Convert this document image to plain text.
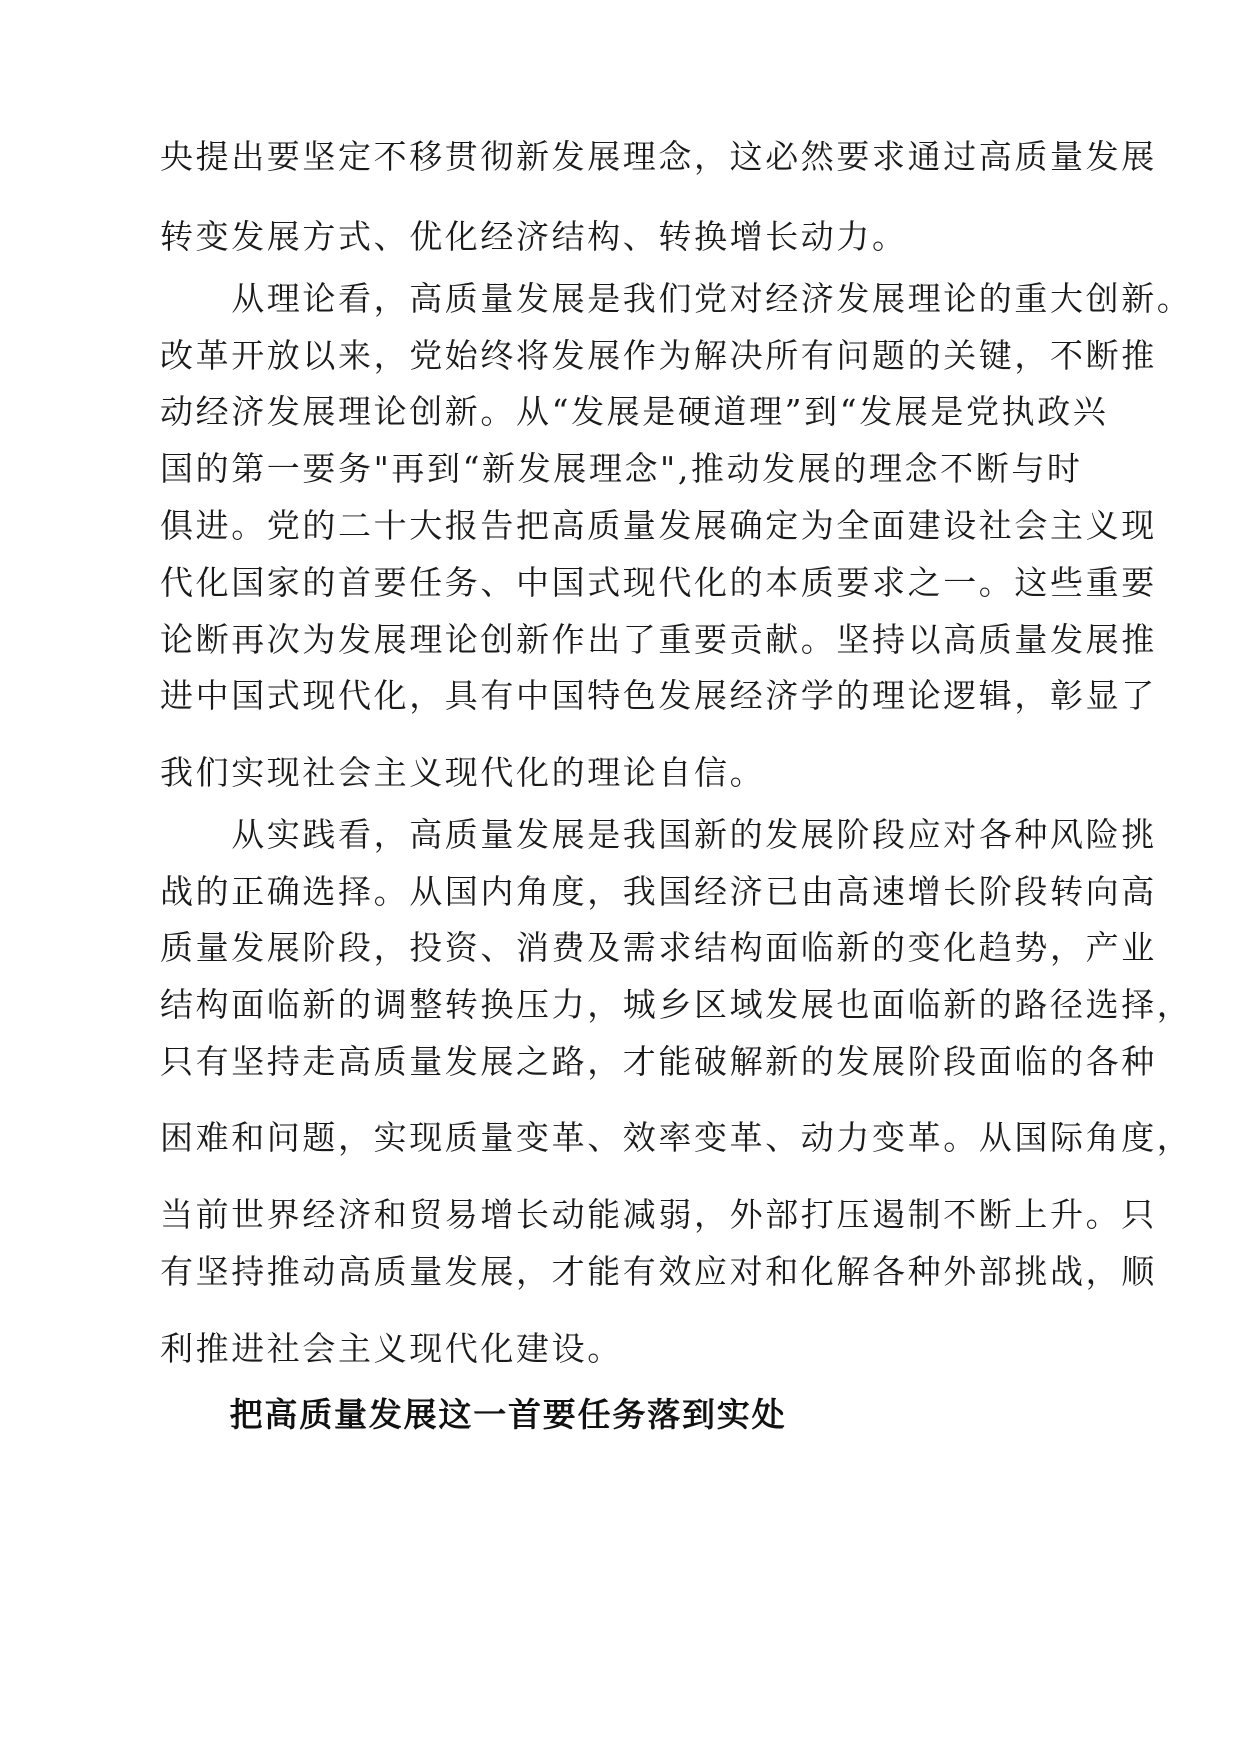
央提出要坚定不移贯彻新发展理念，这必然要求通过高质量发展
转变发展方式、优化经济结构、转换增长动力。
　　从理论看，高质量发展是我们党对经济发展理论的重大创新。
改革开放以来，党始终将发展作为解决所有问题的关键，不断推
动经济发展理论创新。从“发展是硬道理”到“发展是党执政兴
国的第一要务"再到“新发展理念",推动发展的理念不断与时
俱进。党的二十大报告把高质量发展确定为全面建设社会主义现
代化国家的首要任务、中国式现代化的本质要求之一。这些重要
论断再次为发展理论创新作出了重要贡献。坚持以高质量发展推
进中国式现代化，具有中国特色发展经济学的理论逻辑，彰显了
我们实现社会主义现代化的理论自信。
　　从实践看，高质量发展是我国新的发展阶段应对各种风险挑
战的正确选择。从国内角度，我国经济已由高速增长阶段转向高
质量发展阶段，投资、消费及需求结构面临新的变化趋势，产业
结构面临新的调整转换压力，城乡区域发展也面临新的路径选择，
只有坚持走高质量发展之路，才能破解新的发展阶段面临的各种
困难和问题，实现质量变革、效率变革、动力变革。从国际角度，
当前世界经济和贸易增长动能减弱，外部打压遏制不断上升。只
有坚持推动高质量发展，才能有效应对和化解各种外部挑战，顺
利推进社会主义现代化建设。
　　把高质量发展这一首要任务落到实处
